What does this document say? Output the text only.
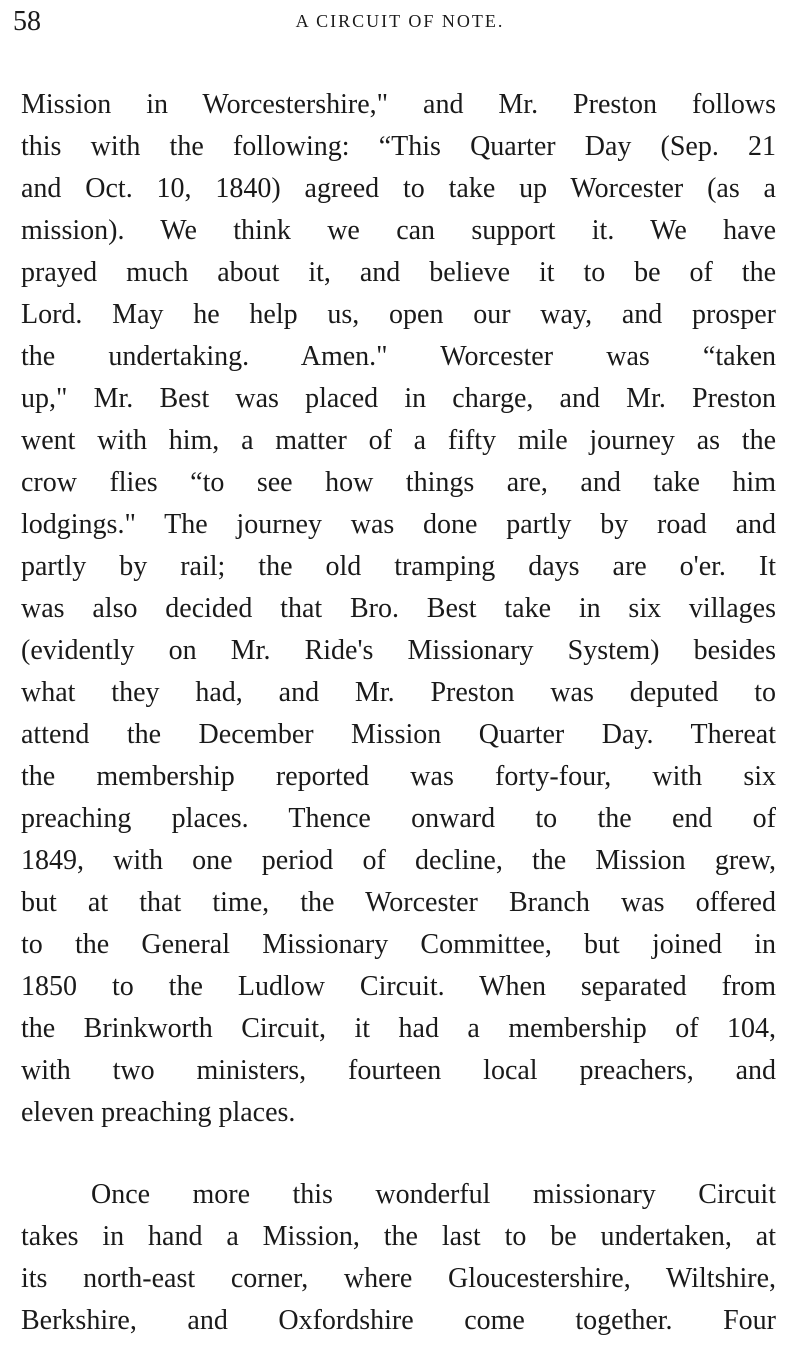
58	A CIRCUIT OF NOTE.
Mission in Worcestershire," and Mr. Preston follows
this with the following: “This Quarter Day (Sep. 21
and Oct. 10, 1840) agreed to take up Worcester (as a
mission). We think we can support it. We have
prayed much about it, and believe it to be of the
Lord. May he help us, open our way, and prosper
the undertaking. Amen." Worcester was “taken
up," Mr. Best was placed in charge, and Mr. Preston
went with him, a matter of a fifty mile journey as the
crow flies “to see how things are, and take him
lodgings." The journey was done partly by road and
partly by rail; the old tramping days are o'er. It
was also decided that Bro. Best take in six villages
(evidently on Mr. Ride's Missionary System) besides
what they had, and Mr. Preston was deputed to
attend the December Mission Quarter Day. Thereat
the membership reported was forty-four, with six
preaching places. Thence onward to the end of
1849, with one period of decline, the Mission grew,
but at that time, the Worcester Branch was offered
to the General Missionary Committee, but joined in
1850 to the Ludlow Circuit. When separated from
the Brinkworth Circuit, it had a membership of 104,
with two ministers, fourteen local preachers, and
eleven preaching places.
Once more this wonderful missionary Circuit
takes in hand a Mission, the last to be undertaken, at
its north-east corner, where Gloucestershire, Wiltshire,
Berkshire, and Oxfordshire come together. Four
